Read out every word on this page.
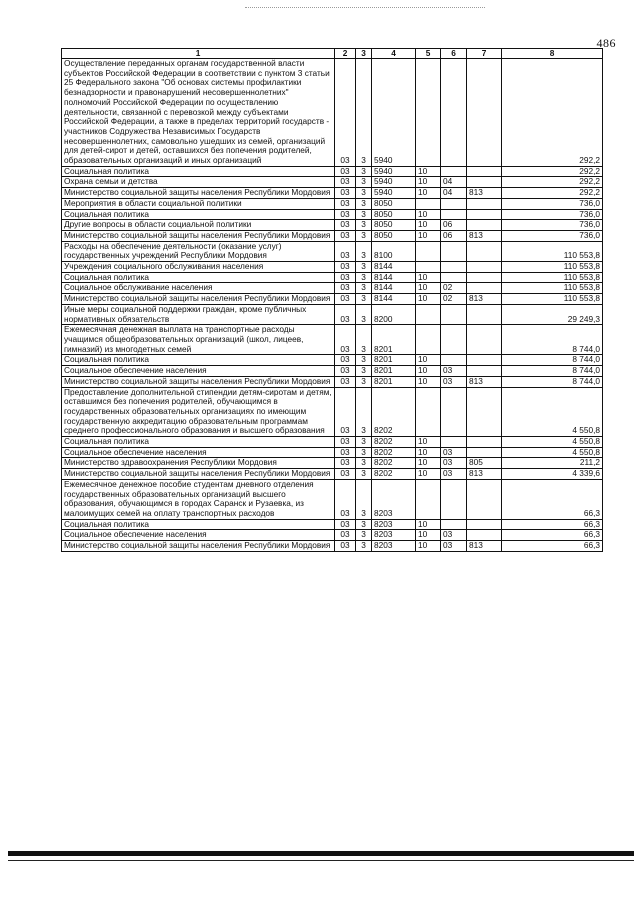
486
1	2	3	4	5	6	7	8
Осуществление переданных органам государственной власти субъектов Российской Федерации в соответствии с пунктом 3 статьи 25 Федерального закона "Об основах системы профилактики безнадзорности и правонарушений несовершеннолетних" полномочий Российской Федерации по осуществлению деятельности, связанной с перевозкой между субъектами Российской Федерации, а также в пределах территорий государств - участников Содружества Независимых Государств несовершеннолетних, самовольно ушедших из семей, организаций для детей-сирот и детей, оставшихся без попечения родителей, образовательных организаций и иных организаций	03	3	5940				292,2
Социальная политика	03	3	5940	10			292,2
Охрана семьи и детства	03	3	5940	10	04		292,2
Министерство социальной защиты населения Республики Мордовия	03	3	5940	10	04	813	292,2
Мероприятия в области социальной политики	03	3	8050				736,0
Социальная политика	03	3	8050	10			736,0
Другие вопросы в области социальной политики	03	3	8050	10	06		736,0
Министерство социальной защиты населения Республики Мордовия	03	3	8050	10	06	813	736,0
Расходы на обеспечение деятельности (оказание услуг) государственных учреждений Республики Мордовия	03	3	8100				110 553,8
Учреждения социального обслуживания населения	03	3	8144				110 553,8
Социальная политика	03	3	8144	10			110 553,8
Социальное обслуживание населения	03	3	8144	10	02		110 553,8
Министерство социальной защиты населения Республики Мордовия	03	3	8144	10	02	813	110 553,8
Иные меры социальной поддержки граждан, кроме публичных нормативных обязательств	03	3	8200				29 249,3
Ежемесячная денежная выплата на транспортные расходы учащимся общеобразовательных организаций (школ, лицеев, гимназий) из многодетных семей	03	3	8201				8 744,0
Социальная политика	03	3	8201	10			8 744,0
Социальное обеспечение населения	03	3	8201	10	03		8 744,0
Министерство социальной защиты населения Республики Мордовия	03	3	8201	10	03	813	8 744,0
Предоставление дополнительной стипендии детям-сиротам и детям, оставшимся без попечения родителей, обучающимся в государственных образовательных организациях по имеющим государственную аккредитацию образовательным программам среднего профессионального образования и высшего образования	03	3	8202				4 550,8
Социальная политика	03	3	8202	10			4 550,8
Социальное обеспечение населения	03	3	8202	10	03		4 550,8
Министерство здравоохранения Республики Мордовия	03	3	8202	10	03	805	211,2
Министерство социальной защиты населения Республики Мордовия	03	3	8202	10	03	813	4 339,6
Ежемесячное денежное пособие студентам дневного отделения государственных образовательных организаций высшего образования, обучающимся в городах Саранск и Рузаевка, из малоимущих семей на оплату транспортных расходов	03	3	8203				66,3
Социальная политика	03	3	8203	10			66,3
Социальное обеспечение населения	03	3	8203	10	03		66,3
Министерство социальной защиты населения Республики Мордовия	03	3	8203	10	03	813	66,3
